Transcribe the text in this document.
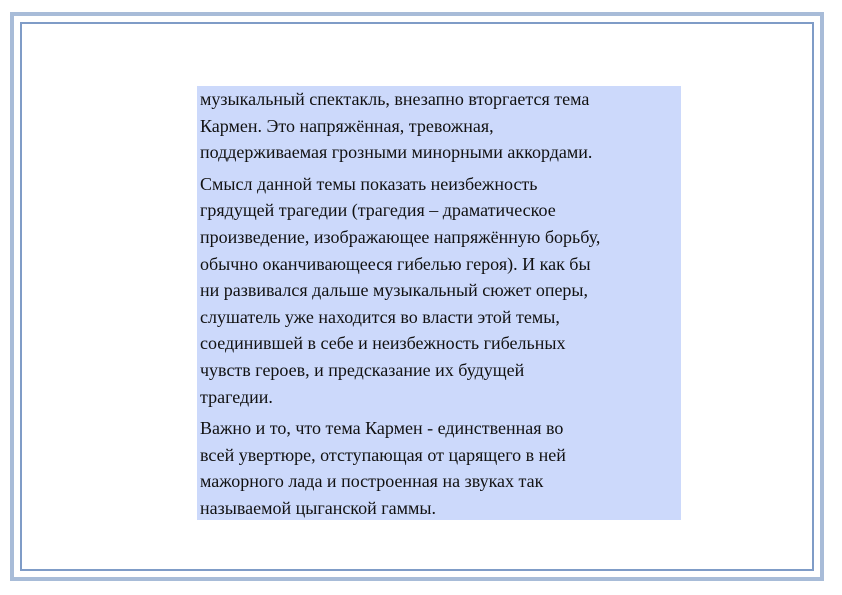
музыкальный спектакль, внезапно вторгается тема
Кармен. Это напряжённая, тревожная,
поддерживаемая грозными минорными аккордами.

Смысл данной темы показать неизбежность
грядущей трагедии (трагедия – драматическое
произведение, изображающее напряжённую борьбу,
обычно оканчивающееся гибелью героя). И как бы
ни развивался дальше музыкальный сюжет оперы,
слушатель уже находится во власти этой темы,
соединившей в себе и неизбежность гибельных
чувств героев, и предсказание их будущей
трагедии.

Важно и то, что тема Кармен - единственная во
всей увертюре, отступающая от царящего в ней
мажорного лада и построенная на звуках так
называемой цыганской гаммы.
